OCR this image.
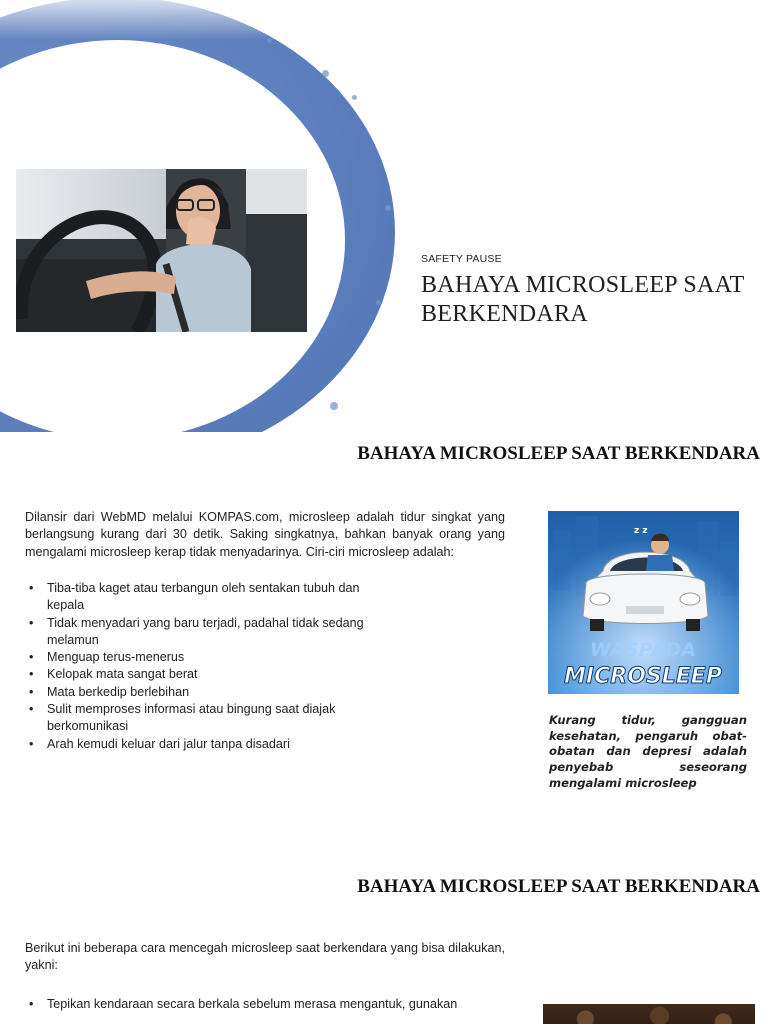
SAFETY PAUSE
BAHAYA MICROSLEEP SAAT BERKENDARA
BAHAYA MICROSLEEP SAAT BERKENDARA

Dilansir dari WebMD melalui KOMPAS.com, microsleep adalah tidur singkat yang berlangsung kurang dari 30 detik. Saking singkatnya, bahkan banyak orang yang mengalami microsleep kerap tidak menyadarinya. Ciri-ciri microsleep adalah:

• Tiba-tiba kaget atau terbangun oleh sentakan tubuh dan kepala
• Tidak menyadari yang baru terjadi, padahal tidak sedang melamun
• Menguap terus-menerus
• Kelopak mata sangat berat
• Mata berkedip berlebihan
• Sulit memproses informasi atau bingung saat diajak berkomunikasi
• Arah kemudi keluar dari jalur tanpa disadari
z z
WASPADA
MICROSLEEP

Kurang tidur, gangguan kesehatan, pengaruh obat-obatan dan depresi adalah penyebab seseorang mengalami microsleep

BAHAYA MICROSLEEP SAAT BERKENDARA

Berikut ini beberapa cara mencegah microsleep saat berkendara yang bisa dilakukan, yakni:

• Tepikan kendaraan secara berkala sebelum merasa mengantuk, gunakan
